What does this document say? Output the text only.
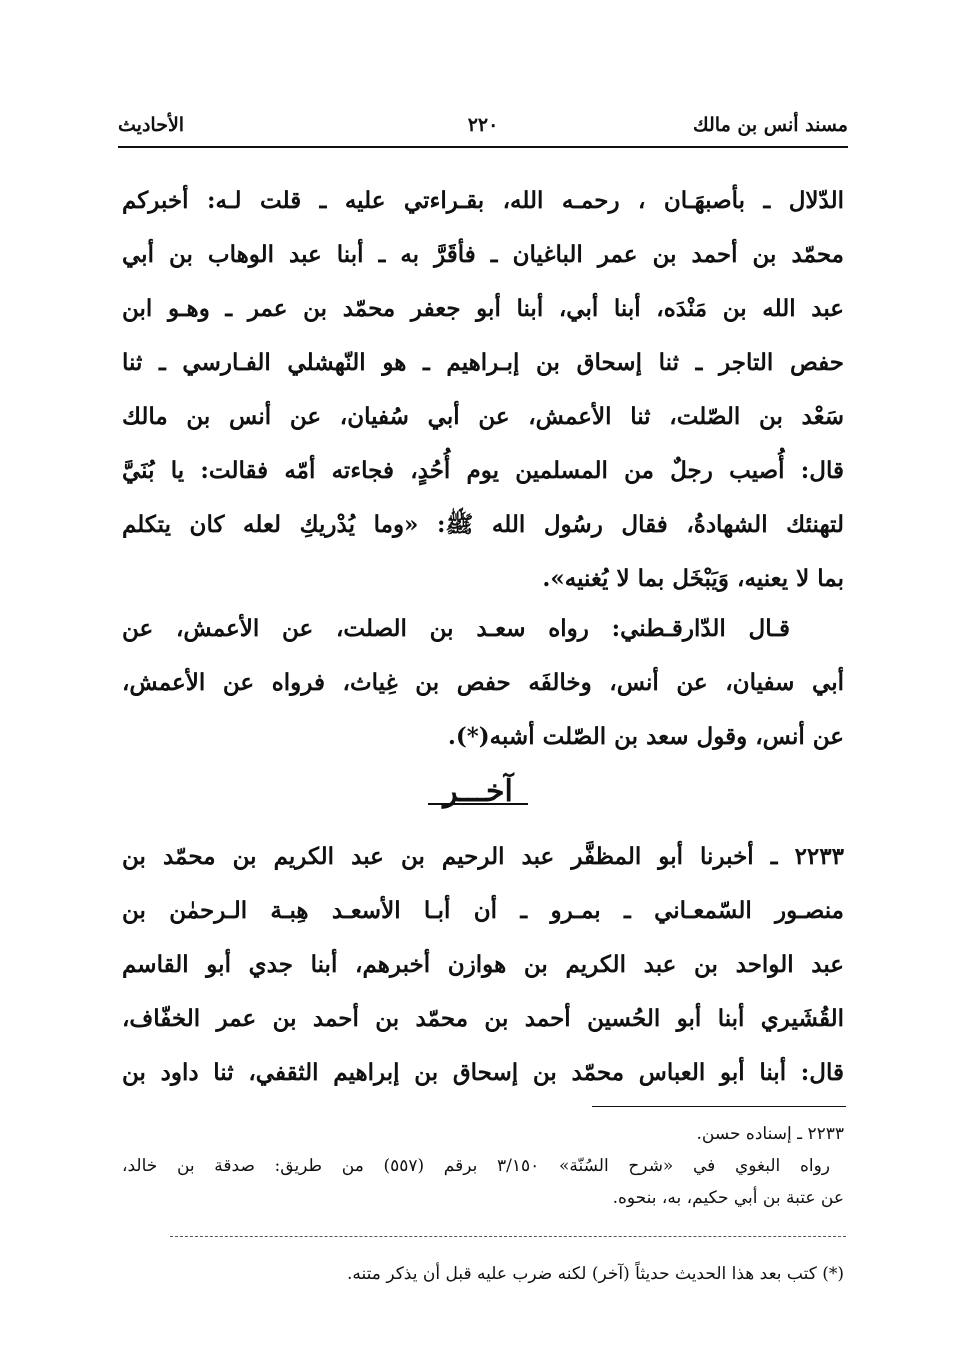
مسند أنس بن مالك
٢٢٠
الأحاديث
الدّلال ـ بأصبهَـان ، رحمـه الله، بقـراءتي عليه ـ قلت لـه: أخبركم
محمّد بن أحمد بن عمر الباغيان ـ فأقَرَّ به ـ أبنا عبد الوهاب بن أبي
عبد الله بن مَنْدَه، أبنا أبي، أبنا أبو جعفر محمّد بن عمر ـ وهـو ابن
حفص التاجر ـ ثنا إسحاق بن إبـراهيم ـ هو النّهشلي الفـارسي ـ ثنا
سَعْد بن الصّلت، ثنا الأعمش، عن أبي سُفيان، عن أنس بن مالك
قال: أُصيب رجلٌ من المسلمين يوم أُحُدٍ، فجاءته أمّه فقالت: يا بُنَيَّ
لتهنئك الشهادةُ، فقال رسُول الله ﷺ: «وما يُدْريكِ لعله كان يتكلم
بما لا يعنيه، وَيَبْخَل بما لا يُغنيه».
قـال الدّارقـطني: رواه سعـد بن الصلت، عن الأعمش، عن
أبي سفيان، عن أنس، وخالفَه حفص بن غِياث، فرواه عن الأعمش،
عن أنس، وقول سعد بن الصّلت أشبه(*).
آخـــر
٢٢٣٣ ـ أخبرنا أبو المظفَّر عبد الرحيم بن عبد الكريم بن محمّد بن
منصـور السّمعـاني ـ بمـرو ـ أن أبـا الأسعـد هِبـة الـرحمٰن بن
عبد الواحد بن عبد الكريم بن هوازن أخبرهم، أبنا جدي أبو القاسم
القُشَيري أبنا أبو الحُسين أحمد بن محمّد بن أحمد بن عمر الخفّاف،
قال: أبنا أبو العباس محمّد بن إسحاق بن إبراهيم الثقفي، ثنا داود بن
٢٢٣٣ ـ إسناده حسن.
رواه البغوي في «شرح السُنّة» ٣/١٥٠ برقم (٥٥٧) من طريق: صدقة بن خالد،
عن عتبة بن أبي حكيم، به، بنحوه.
(*) كتب بعد هذا الحديث حديثاً (آخر) لكنه ضرب عليه قبل أن يذكر متنه.
